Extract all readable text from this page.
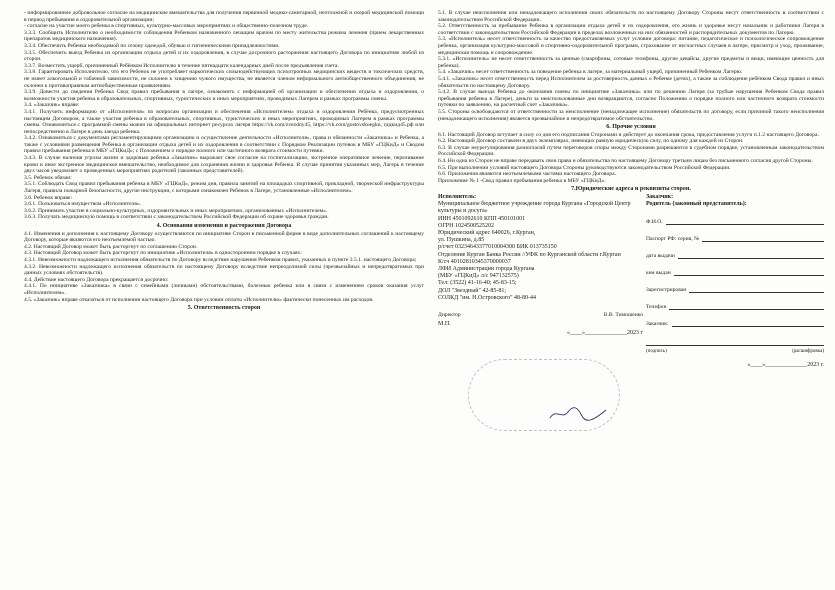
- информированное добровольное согласие на медицинские вмешательства для получения первичной медико-санитарной, неотложной и скорой медицинской помощи в период пребывания в оздоровительной организации;

- согласие на участие моего ребенка в спортивных, культурно-массовых мероприятиях и общественно-полезном труде.

3.3.3. Сообщить Исполнителю о необходимости соблюдения Ребенком назначенного лечащим врачом по месту жительства режима лечения (прием лекарственных препаратов медицинского назначения).

3.3.4. Обеспечить Ребенка необходимой по сезону одеждой, обувью и гигиеническими принадлежностями.

3.3.5. Обеспечить выезд Ребенка из организации отдыха детей и их оздоровления, в случае досрочного расторжения настоящего Договора по инициативе любой из сторон.

3.3.7. Возместить ущерб, причиненный Ребёнком Исполнителю в течение пятнадцати календарных дней после предъявления счета.

3.3.8. Гарантировать Исполнителю, что его Ребенок не употребляет наркотических сильнодействующих психотропных медицинских веществ и токсических средств, не имеет алкогольной и табачной зависимости, не склонен к хищению чужого имущества, не является членом неформального антиобщественного объединения, не склонен к противоправным антиобщественным проявлениям.

3.3.9. Довести до сведения Ребенка Свод правил пребывания в лагере, ознакомить с информацией об организации и обеспечении отдыха и оздоровления, о возможности участия ребенка в образовательных, спортивных, туристических и иных мероприятиях, проводимых Лагерем и рамках программы смены.

3.4. «Заказчик» вправе:

3.4.1. Получить информацию от «Исполнителя» по вопросам организации и обеспечения «Исполнителем» отдыха и оздоровления Ребёнка, предусмотренных настоящим Договором, а также участия ребенка в образовательных, спортивных, туристических и иных мероприятиях, проводимых Лагерем в рамках программы смены. Ознакомиться с программой смены можно на официальных интернет ресурсах лагеря https://vk.com/zvezdny45, https://vk.com/gostovskoegkn, гдцкид45.рф или непосредственно в Лагере в день заезда ребенка.

3.4.2. Ознакомиться с документами регламентирующими организацию и осуществление деятельности «Исполнителя», права и обязанности «Заказчика» и Ребенка, а также с условиями размещения Ребенка в организации отдыха детей и их оздоровления в соответствии с Порядком Реализации путевок в МБУ «ГЦКиД» и Сводом правил пребывания ребенка в МБУ «ГЦКиД»; с Положением о порядке полного или частичного возврата стоимости путевки.

3.4.3. В случае наличия угрозы жизни и здоровью ребенка «Заказчик» выражает свое согласие на госпитализацию, экстренное оперативное лечение, переливание крови и иное экстренное медицинское вмешательство, необходимое для сохранения жизни и здоровья Ребенка. В случае принятия указанных мер, Лагерь в течение двух часов уведомляет о проведенных мероприятиях родителей (законных представителей).

3.5. Ребенок обязан:

3.5.1. Соблюдать Свод правил пребывания ребенка в МБУ «ГЦКиД», режим дня, правила занятий на площадках спортивной, прикладной, творческой инфраструктуры Лагеря, правила пожарной безопасности, другие инструкции, с которыми ознакомлен Ребенок в Лагере, установленные «Исполнителем».

3.6. Ребенок вправе:

3.6.1. Пользоваться имуществом «Исполнителя».

3.6.2. Принимать участие в социально-культурных, оздоровительных и иных мероприятиях, организованных «Исполнителем».

3.6.3. Получать медицинскую помощь в соответствии с законодательством Российской Федерации об охране здоровья граждан.

4. Основания изменения и расторжения Договора

4.1. Изменения и дополнения к настоящему Договору осуществляются по инициативе Сторон в письменной форме в виде дополнительных соглашений к настоящему Договору, которые являются его неотъемлемой частью.

4.2. Настоящий Договор может быть расторгнут по соглашению Сторон.

4.3. Настоящий Договор может быть расторгнут по инициативе «Исполнителя» в одностороннем порядке в случаях:

4.3.1. Невозможности надлежащего исполнения обязательств по Договору вследствие нарушения Ребенком правил, указанных в пункте 3.5.1. настоящего Договора;

4.3.2. Невозможности надлежащего исполнения обязательств по настоящему Договору вследствие непреодолимой силы (чрезвычайных и непредотвратимых при данных условиях обстоятельств).

4.4. Действие настоящего Договора прекращается досрочно:

4.4.1. По инициативе «Заказчика» в связи с семейными (личными) обстоятельствами, болезнью ребенка или в связи с изменением сроков оказания услуг «Исполнителем».

4.5. «Заказчик» вправе отказаться от исполнения настоящего Договора при условии оплаты «Исполнителю» фактически понесенных им расходов.

5. Ответственность сторон

5.1. В случае неисполнения или ненадлежащего исполнения своих обязательств по настоящему Договору Стороны несут ответственность в соответствии с законодательством Российской Федерации.

5.2. Ответственность за пребывание Ребенка в организации отдыха детей и их оздоровления, его жизнь и здоровье несут начальник и работники Лагеря в соответствии с законодательством Российской Федерации в пределах возложенных на них обязанностей и распорядительных документов по Лагерю.

5.3. «Исполнитель» несет ответственность за качество предоставляемых услуг условии договора: питание, педагогическое и психологическое сопровождение ребенка, организация культурно-массовой и спортивно-оздоровительной программ, страхование от несчастных случаев в лагере, присмотр и уход, проживание, медицинская помощь и сопровождение.

5.3.1. «Исполнитель» не несет ответственность за ценные (смартфоны, сотовые телефоны, другие девайсы, другие предметы и вещи, имеющие ценность для ребенка).

5.4. «Заказчик» несет ответственность за поведение ребенка в лагере, за материальный ущерб, причиненный Ребенком Лагерю.

5.4.1. «Заказчик» несет ответственность перед Исполнителем за достоверность данных о Ребенке (детях), а также за соблюдение ребёнком Свода правил и иных обязательств по настоящему Договору.

5.4.2. В случае выезда Ребенка до окончания смены по инициативе «Заказчика» или по решению Лагеря (за грубые нарушения Ребенком Свода правил пребывания ребенка в Лагере), деньги за неиспользованные дни возвращаются, согласно Положению о порядке полного или частичного возврата стоимости путевки по заявлению, на расчетный счет «Заказчика».

5.5. Стороны освобождаются от ответственности за неисполнение (ненадлежащее исполнение) обязательств по договору, если причиной такого неисполнения (ненадлежащего исполнения) является чрезвычайное и непредотвратимое обстоятельство.

6. Прочие условия

6.1. Настоящий Договор вступает в силу со дня его подписания Сторонами и действует до окончания срока, предоставления услуги п.1.2 настоящего Договора.

6.2. Настоящий Договор составлен в двух экземплярах, имеющих равную юридическую силу, по одному для каждой из Сторон.

6.3. В случае неурегулирования разногласий путем переговоров споры между Сторонами разрешаются в судебном порядке, установленным законодательством Российской Федерации.

6.4. Ни одна из Сторон не вправе передавать свои права и обязательства по настоящему Договору третьим лицам без письменного согласия другой Стороны.

6.5. При выполнении условий настоящего Договора Стороны руководствуются законодательством Российской Федерации.

6.6. Приложения являются неотъемлемыми частями настоящего Договора.

Приложение № 1 -Свод правил пребывания ребенка в МБУ «ГЦКиД».

7.Юридические адреса и реквизиты сторон.

Исполнитель:

Муниципальное бюджетное учреждение города Кургана «Городской Центр культуры и досуга»

ИНН 4501092610 КПП 450101001

ОГРН 1024500525202

Юридический адрес 640026, г.Курган,

ул. Пушкина, д.85

р/счет 03234643377010004300 БИК 013735150

Отделение Курган Банка России //УФК по Курганской области г.Курган

К/сч 40102810345370000037

ЛФИ Администрации города Кургана

(МБУ «ГЦКиД» л/с 947132575)

Тел: (3522) 41-16-40; 45-83-15;

ДОЛ "Звездный" 42-85-81;

СОЛКД "им. Н.Островского" 48-80-44

Директор	В.В. Тимошенко

М.П.

«____»______________2023 г

Заказчик:

Родитель (законный представитель):

Ф.И.О.
Паспорт РФ: серия, №
дата выдачи
кем выдан
Зарегистрирован
Телефон
Заказчик:
(подпись)	(расшифровка)

«____»______________2023 г.
